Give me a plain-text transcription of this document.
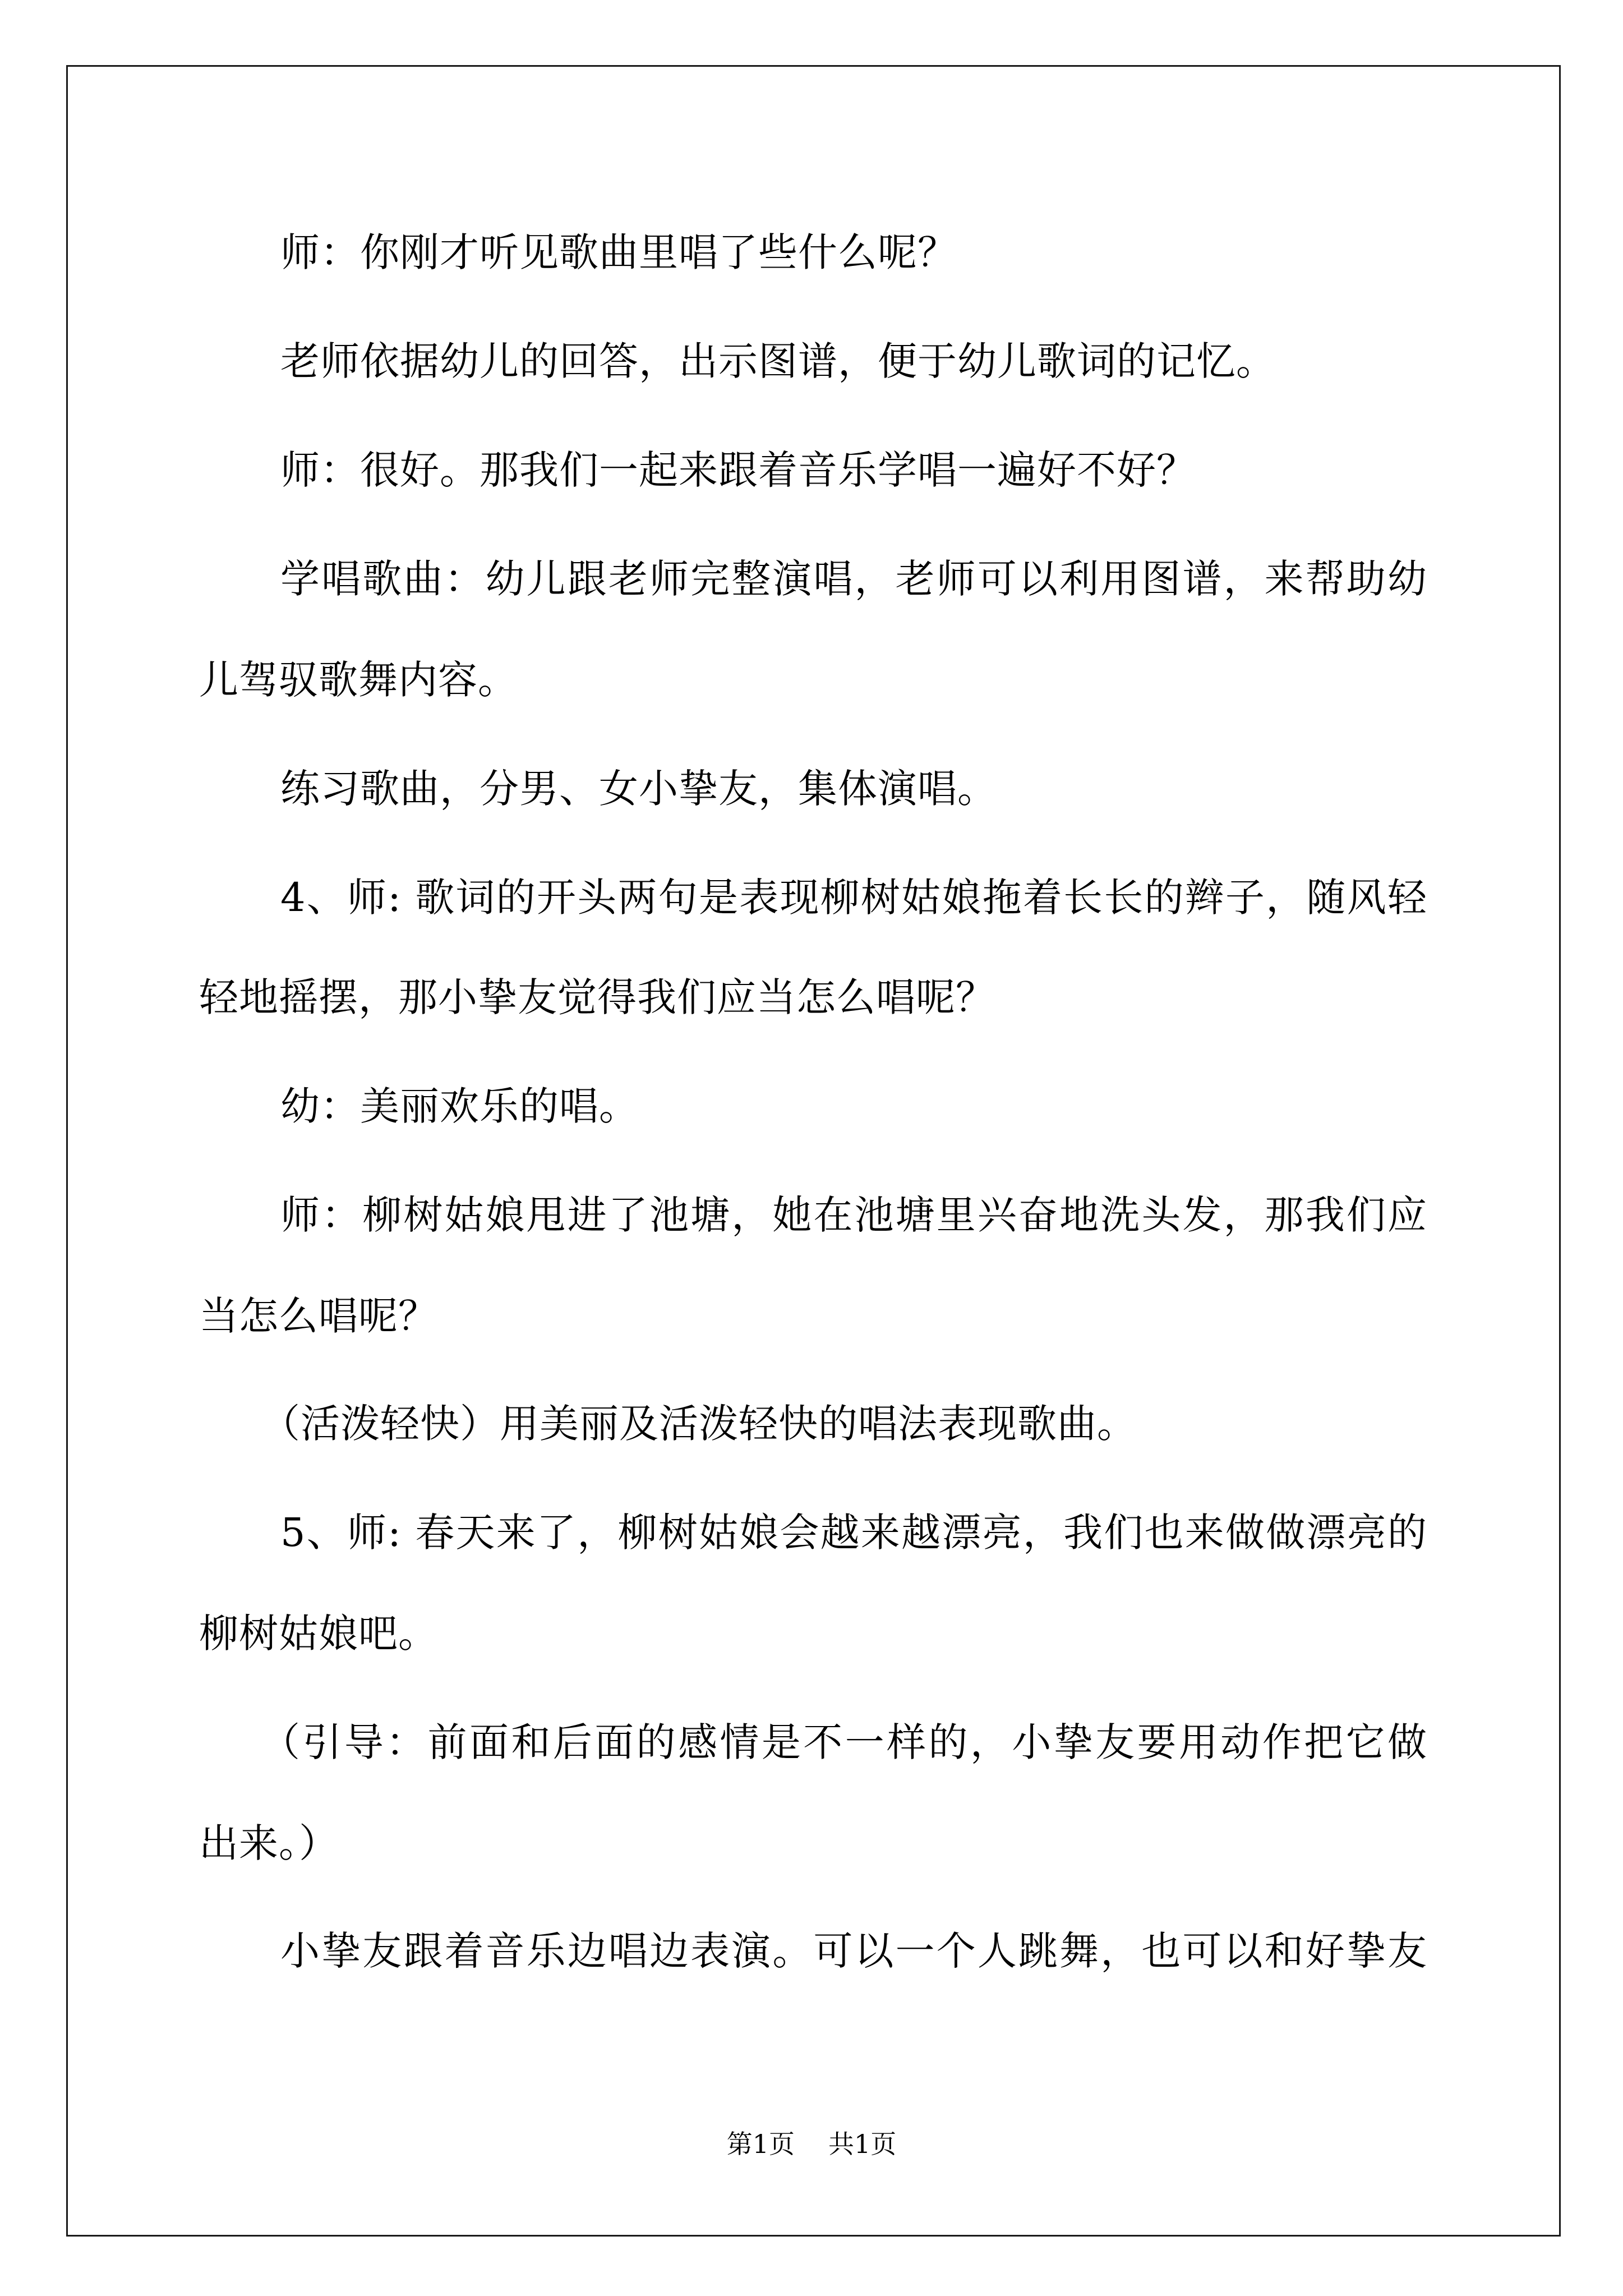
师：你刚才听见歌曲里唱了些什么呢？
老师依据幼儿的回答，出示图谱，便于幼儿歌词的记忆。
师：很好。那我们一起来跟着音乐学唱一遍好不好？
学唱歌曲：幼儿跟老师完整演唱，老师可以利用图谱，来帮助幼
儿驾驭歌舞内容。
练习歌曲，分男、女小挚友，集体演唱。
4、师: 歌词的开头两句是表现柳树姑娘拖着长长的辫子，随风轻
轻地摇摆，那小挚友觉得我们应当怎么唱呢？
幼：美丽欢乐的唱。
师：柳树姑娘甩进了池塘，她在池塘里兴奋地洗头发，那我们应
当怎么唱呢？
（活泼轻快）用美丽及活泼轻快的唱法表现歌曲。
5、师: 春天来了，柳树姑娘会越来越漂亮，我们也来做做漂亮的
柳树姑娘吧。
（引导：前面和后面的感情是不一样的，小挚友要用动作把它做
出来。）
小挚友跟着音乐边唱边表演。可以一个人跳舞，也可以和好挚友
第1页 共1页
